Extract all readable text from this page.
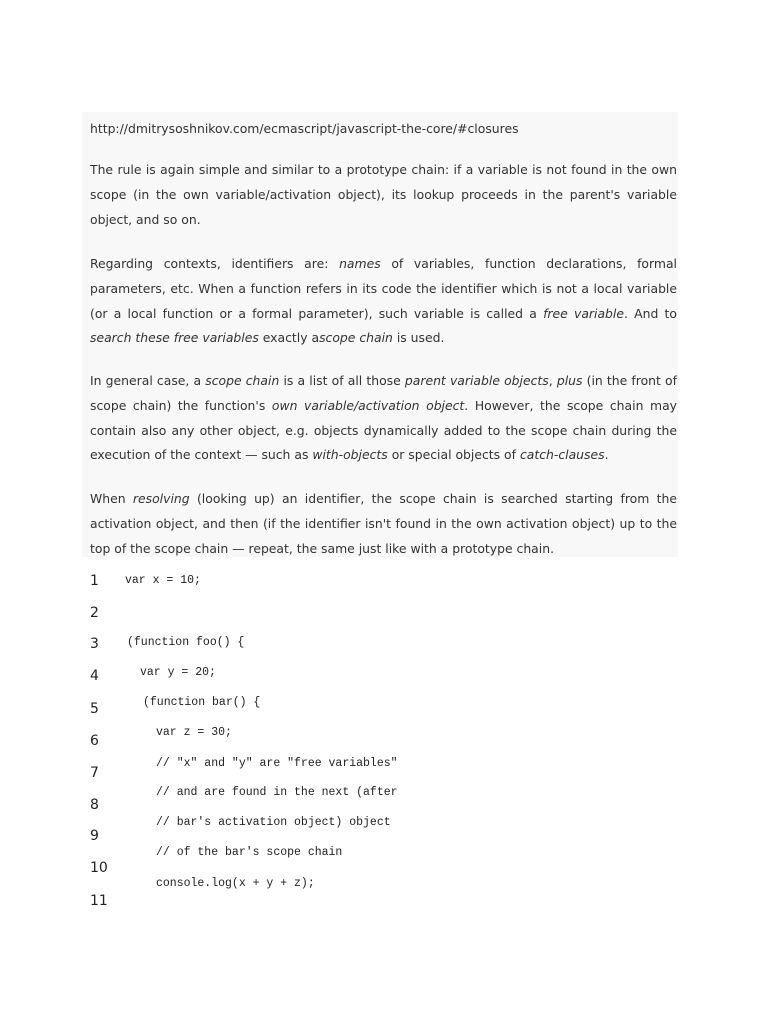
http://dmitrysoshnikov.com/ecmascript/javascript-the-core/#closures

The rule is again simple and similar to a prototype chain: if a variable is not found in the own scope (in the own variable/activation object), its lookup proceeds in the parent's variable object, and so on.

Regarding contexts, identifiers are: names of variables, function declarations, formal parameters, etc. When a function refers in its code the identifier which is not a local variable (or a local function or a formal parameter), such variable is called a free variable. And to search these free variables exactly ascope chain is used.

In general case, a scope chain is a list of all those parent variable objects, plus (in the front of scope chain) the function's own variable/activation object. However, the scope chain may contain also any other object, e.g. objects dynamically added to the scope chain during the execution of the context — such as with-objects or special objects of catch-clauses.

When resolving (looking up) an identifier, the scope chain is searched starting from the activation object, and then (if the identifier isn't found in the own activation object) up to the top of the scope chain — repeat, the same just like with a prototype chain.

1
2
3
4
5
6
7
8
9
10
11
var x = 10;
(function foo() {
var y = 20;
(function bar() {
var z = 30;
// "x" and "y" are "free variables"
// and are found in the next (after
// bar's activation object) object
// of the bar's scope chain
console.log(x + y + z);
